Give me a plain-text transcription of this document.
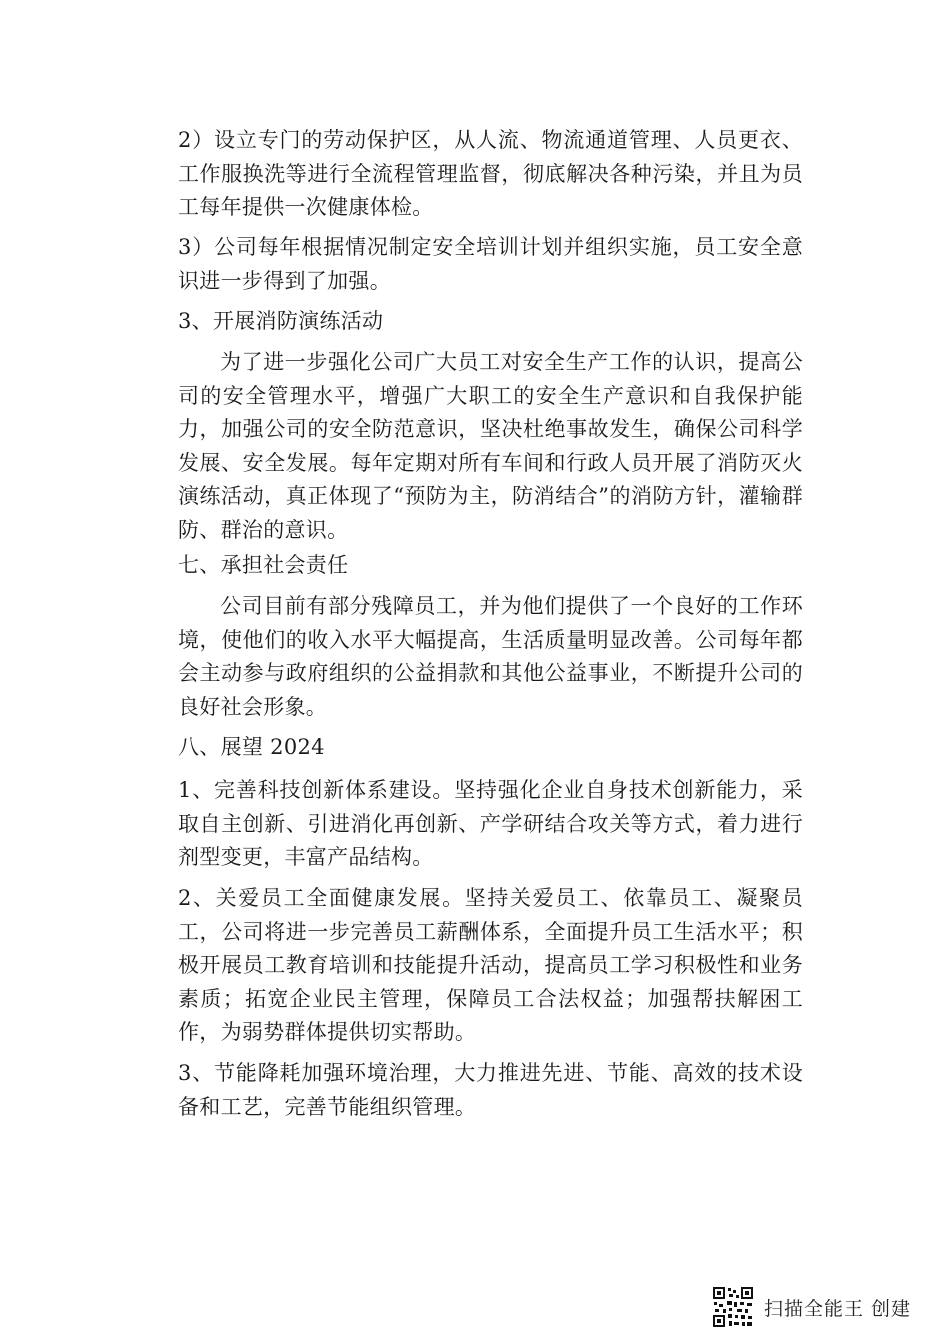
2）设立专门的劳动保护区，从人流、物流通道管理、人员更衣、工作服换洗等进行全流程管理监督，彻底解决各种污染，并且为员工每年提供一次健康体检。

3）公司每年根据情况制定安全培训计划并组织实施，员工安全意识进一步得到了加强。

3、开展消防演练活动

为了进一步强化公司广大员工对安全生产工作的认识，提高公司的安全管理水平，增强广大职工的安全生产意识和自我保护能力，加强公司的安全防范意识，坚决杜绝事故发生，确保公司科学发展、安全发展。每年定期对所有车间和行政人员开展了消防灭火演练活动，真正体现了“预防为主，防消结合”的消防方针，灌输群防、群治的意识。

七、承担社会责任

公司目前有部分残障员工，并为他们提供了一个良好的工作环境，使他们的收入水平大幅提高，生活质量明显改善。公司每年都会主动参与政府组织的公益捐款和其他公益事业，不断提升公司的良好社会形象。

八、展望 2024

1、完善科技创新体系建设。坚持强化企业自身技术创新能力，采取自主创新、引进消化再创新、产学研结合攻关等方式，着力进行剂型变更，丰富产品结构。

2、关爱员工全面健康发展。坚持关爱员工、依靠员工、凝聚员工，公司将进一步完善员工薪酬体系，全面提升员工生活水平；积极开展员工教育培训和技能提升活动，提高员工学习积极性和业务素质；拓宽企业民主管理，保障员工合法权益；加强帮扶解困工作，为弱势群体提供切实帮助。

3、节能降耗加强环境治理，大力推进先进、节能、高效的技术设备和工艺，完善节能组织管理。

扫描全能王 创建
